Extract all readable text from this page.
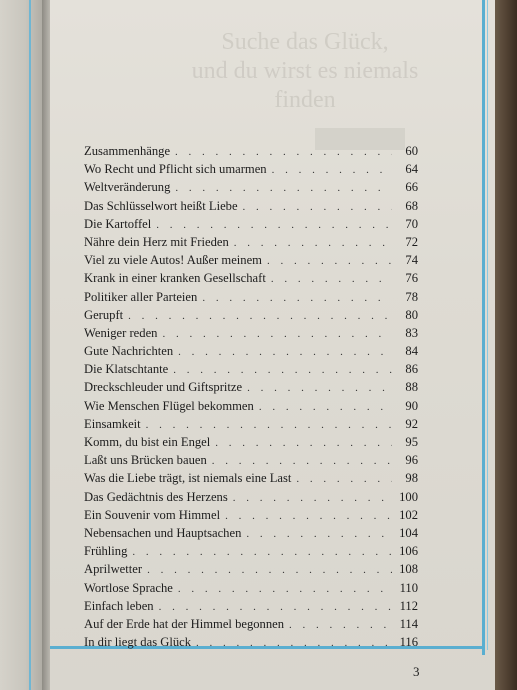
Suche das Glück,
und du wirst es niemals
finden
Zusammenhänge . . .	60
Wo Recht und Pflicht sich umarmen . . .	64
Weltveränderung . . .	66
Das Schlüsselwort heißt Liebe . . .	68
Die Kartoffel . . .	70
Nähre dein Herz mit Frieden . . .	72
Viel zu viele Autos! Außer meinem . . .	74
Krank in einer kranken Gesellschaft . . .	76
Politiker aller Parteien . . .	78
Gerupft . . .	80
Weniger reden . . .	83
Gute Nachrichten . . .	84
Die Klatschtante . . .	86
Dreckschleuder und Giftspritze . . .	88
Wie Menschen Flügel bekommen . . .	90
Einsamkeit . . .	92
Komm, du bist ein Engel . . .	95
Laßt uns Brücken bauen . . .	96
Was die Liebe trägt, ist niemals eine Last . . .	98
Das Gedächtnis des Herzens . . .	100
Ein Souvenir vom Himmel . . .	102
Nebensachen und Hauptsachen . . .	104
Frühling . . .	106
Aprilwetter . . .	108
Wortlose Sprache . . .	110
Einfach leben . . .	112
Auf der Erde hat der Himmel begonnen . . .	114
In dir liegt das Glück . . .	116
3
